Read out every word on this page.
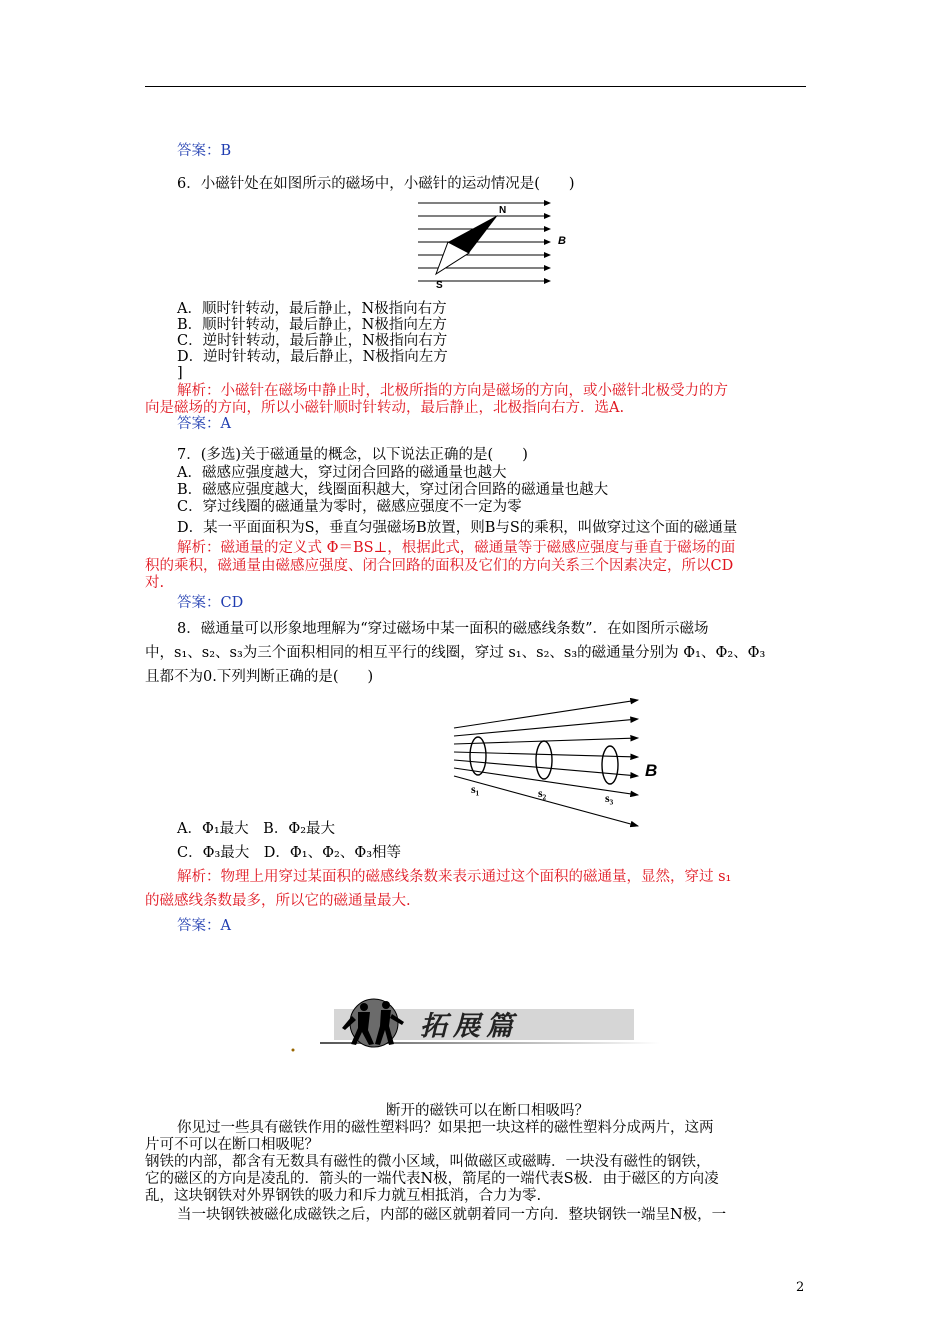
答案：B
6．小磁针处在如图所示的磁场中，小磁针的运动情况是(　　)
N
S
B
A．顺时针转动，最后静止，N极指向右方
B．顺时针转动，最后静止，N极指向左方
C．逆时针转动，最后静止，N极指向右方
D．逆时针转动，最后静止，N极指向左方
]
解析：小磁针在磁场中静止时，北极所指的方向是磁场的方向，或小磁针北极受力的方
向是磁场的方向，所以小磁针顺时针转动，最后静止，北极指向右方．选A.
答案：A
7．(多选)关于磁通量的概念，以下说法正确的是(　　)
A．磁感应强度越大，穿过闭合回路的磁通量也越大
B．磁感应强度越大，线圈面积越大，穿过闭合回路的磁通量也越大
C．穿过线圈的磁通量为零时，磁感应强度不一定为零
D．某一平面面积为S，垂直匀强磁场B放置，则B与S的乘积，叫做穿过这个面的磁通量
解析：磁通量的定义式 Φ＝BS⊥，根据此式，磁通量等于磁感应强度与垂直于磁场的面
积的乘积，磁通量由磁感应强度、闭合回路的面积及它们的方向关系三个因素决定，所以CD
对.
答案：CD
8．磁通量可以形象地理解为“穿过磁场中某一面积的磁感线条数”．在如图所示磁场
中，s₁、s₂、s₃为三个面积相同的相互平行的线圈，穿过 s₁、s₂、s₃的磁通量分别为 Φ₁、Φ₂、Φ₃
且都不为0.下列判断正确的是(　　)
B
s₁	s₂	s₃
A．Φ₁最大　B．Φ₂最大
C．Φ₃最大　D．Φ₁、Φ₂、Φ₃相等
解析：物理上用穿过某面积的磁感线条数来表示通过这个面积的磁通量，显然，穿过 s₁
的磁感线条数最多，所以它的磁通量最大.
答案：A
拓展篇
断开的磁铁可以在断口相吸吗？
你见过一些具有磁铁作用的磁性塑料吗？如果把一块这样的磁性塑料分成两片，这两
片可不可以在断口相吸呢？
钢铁的内部，都含有无数具有磁性的微小区域，叫做磁区或磁畴．一块没有磁性的钢铁，
它的磁区的方向是凌乱的．箭头的一端代表N极，箭尾的一端代表S极．由于磁区的方向凌
乱，这块钢铁对外界钢铁的吸力和斥力就互相抵消，合力为零.
当一块钢铁被磁化成磁铁之后，内部的磁区就朝着同一方向．整块钢铁一端呈N极，一
2
